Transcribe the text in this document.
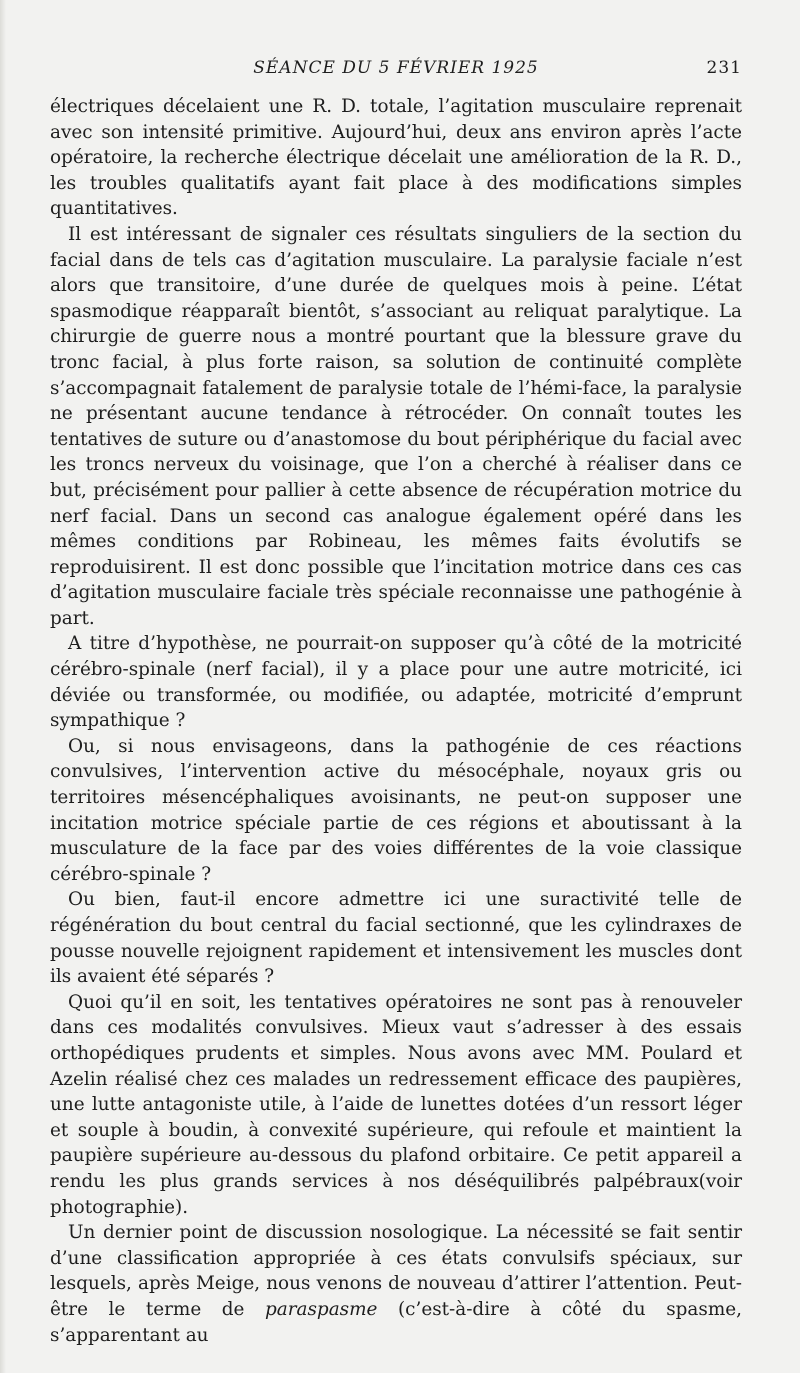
SÉANCE DU 5 FÉVRIER 1925	231

électriques décelaient une R. D. totale, l’agitation musculaire reprenait avec son intensité primitive. Aujourd’hui, deux ans environ après l’acte opératoire, la recherche électrique décelait une amélioration de la R. D., les troubles qualitatifs ayant fait place à des modifications simples quantitatives.

Il est intéressant de signaler ces résultats singuliers de la section du facial dans de tels cas d’agitation musculaire. La paralysie faciale n’est alors que transitoire, d’une durée de quelques mois à peine. L’état spasmodique réapparaît bientôt, s’associant au reliquat paralytique. La chirurgie de guerre nous a montré pourtant que la blessure grave du tronc facial, à plus forte raison, sa solution de continuité complète s’accompagnait fatalement de paralysie totale de l’hémi-face, la paralysie ne présentant aucune tendance à rétrocéder. On connaît toutes les tentatives de suture ou d’anastomose du bout périphérique du facial avec les troncs nerveux du voisinage, que l’on a cherché à réaliser dans ce but, précisément pour pallier à cette absence de récupération motrice du nerf facial. Dans un second cas analogue également opéré dans les mêmes conditions par Robineau, les mêmes faits évolutifs se reproduisirent. Il est donc possible que l’incitation motrice dans ces cas d’agitation musculaire faciale très spéciale reconnaisse une pathogénie à part.

A titre d’hypothèse, ne pourrait-on supposer qu’à côté de la motricité cérébro-spinale (nerf facial), il y a place pour une autre motricité, ici déviée ou transformée, ou modifiée, ou adaptée, motricité d’emprunt sympathique ?

Ou, si nous envisageons, dans la pathogénie de ces réactions convulsives, l’intervention active du mésocéphale, noyaux gris ou territoires mésencéphaliques avoisinants, ne peut-on supposer une incitation motrice spéciale partie de ces régions et aboutissant à la musculature de la face par des voies différentes de la voie classique cérébro-spinale ?

Ou bien, faut-il encore admettre ici une suractivité telle de régénération du bout central du facial sectionné, que les cylindraxes de pousse nouvelle rejoignent rapidement et intensivement les muscles dont ils avaient été séparés ?

Quoi qu’il en soit, les tentatives opératoires ne sont pas à renouveler dans ces modalités convulsives. Mieux vaut s’adresser à des essais orthopédiques prudents et simples. Nous avons avec MM. Poulard et Azelin réalisé chez ces malades un redressement efficace des paupières, une lutte antagoniste utile, à l’aide de lunettes dotées d’un ressort léger et souple à boudin, à convexité supérieure, qui refoule et maintient la paupière supérieure au-dessous du plafond orbitaire. Ce petit appareil a rendu les plus grands services à nos déséquilibrés palpébraux(voir photographie).

Un dernier point de discussion nosologique. La nécessité se fait sentir d’une classification appropriée à ces états convulsifs spéciaux, sur lesquels, après Meige, nous venons de nouveau d’attirer l’attention. Peut-être le terme de paraspasme (c’est-à-dire à côté du spasme, s’apparentant au
